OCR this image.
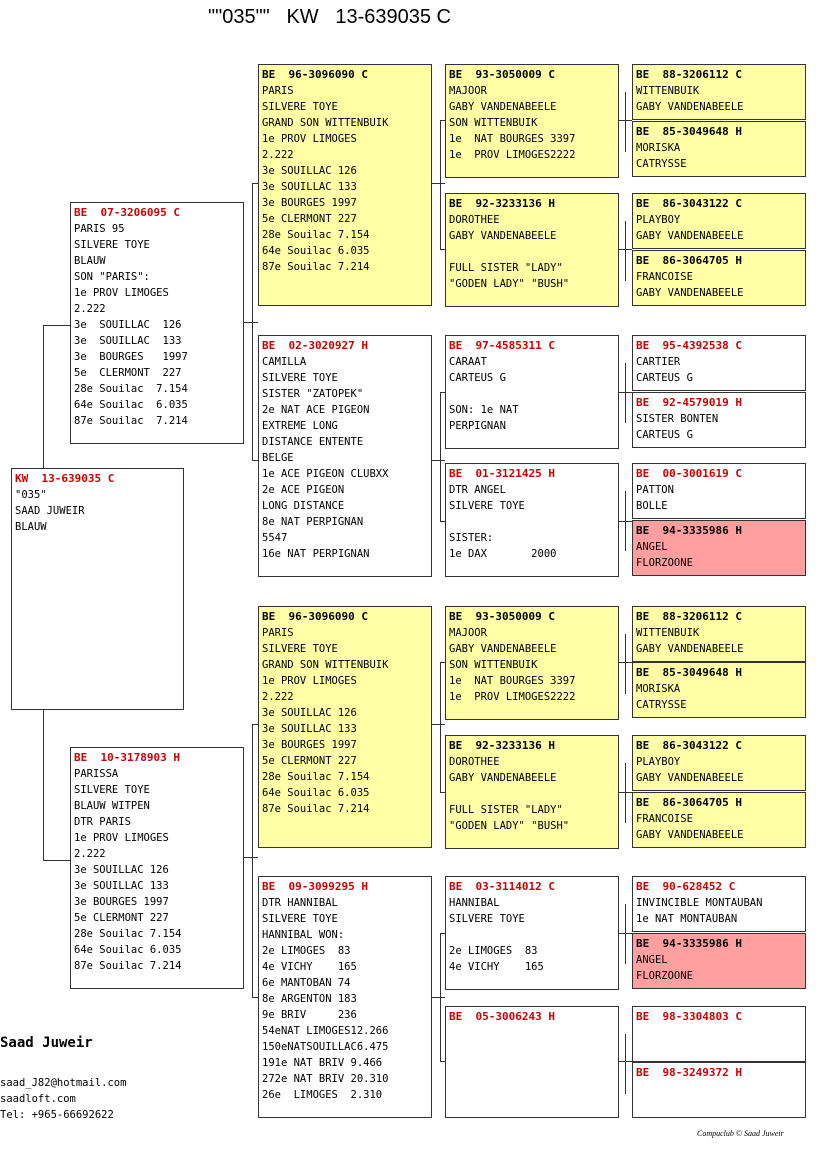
""035""   KW   13-639035 C
KW  13-639035 C
"035"
SAAD JUWEIR
BLAUW
BE  07-3206095 C
PARIS 95
SILVERE TOYE
BLAUW
SON "PARIS":
1e PROV LIMOGES
2.222
3e  SOUILLAC  126
3e  SOUILLAC  133
3e  BOURGES   1997
5e  CLERMONT  227
28e Souilac  7.154
64e Souilac  6.035
87e Souilac  7.214
BE  10-3178903 H
PARISSA
SILVERE TOYE
BLAUW WITPEN
DTR PARIS
1e PROV LIMOGES
2.222
3e SOUILLAC 126
3e SOUILLAC 133
3e BOURGES 1997
5e CLERMONT 227
28e Souilac 7.154
64e Souilac 6.035
87e Souilac 7.214
BE  96-3096090 C
PARIS
SILVERE TOYE
GRAND SON WITTENBUIK
1e PROV LIMOGES
2.222
3e SOUILLAC 126
3e SOUILLAC 133
3e BOURGES 1997
5e CLERMONT 227
28e Souilac 7.154
64e Souilac 6.035
87e Souilac 7.214
BE  02-3020927 H
CAMILLA
SILVERE TOYE
SISTER "ZATOPEK"
2e NAT ACE PIGEON
EXTREME LONG
DISTANCE ENTENTE
BELGE
1e ACE PIGEON CLUBXX
2e ACE PIGEON
LONG DISTANCE
8e NAT PERPIGNAN
5547
16e NAT PERPIGNAN
BE  96-3096090 C
PARIS
SILVERE TOYE
GRAND SON WITTENBUIK
1e PROV LIMOGES
2.222
3e SOUILLAC 126
3e SOUILLAC 133
3e BOURGES 1997
5e CLERMONT 227
28e Souilac 7.154
64e Souilac 6.035
87e Souilac 7.214
BE  09-3099295 H
DTR HANNIBAL
SILVERE TOYE
HANNIBAL WON:
2e LIMOGES  83
4e VICHY    165
6e MANTOBAN 74
8e ARGENTON 183
9e BRIV     236
54eNAT LIMOGES12.266
150eNATSOUILLAC6.475
191e NAT BRIV 9.466
272e NAT BRIV 20.310
26e  LIMOGES  2.310
BE  93-3050009 C
MAJOOR
GABY VANDENABEELE
SON WITTENBUIK
1e  NAT BOURGES 3397
1e  PROV LIMOGES2222
BE  92-3233136 H
DOROTHEE
GABY VANDENABEELE
FULL SISTER "LADY"
"GODEN LADY" "BUSH"
BE  97-4585311 C
CARAAT
CARTEUS G
SON: 1e NAT
PERPIGNAN
BE  01-3121425 H
DTR ANGEL
SILVERE TOYE
SISTER:
1e DAX       2000
BE  93-3050009 C
MAJOOR
GABY VANDENABEELE
SON WITTENBUIK
1e  NAT BOURGES 3397
1e  PROV LIMOGES2222
BE  92-3233136 H
DOROTHEE
GABY VANDENABEELE
FULL SISTER "LADY"
"GODEN LADY" "BUSH"
BE  03-3114012 C
HANNIBAL
SILVERE TOYE
2e LIMOGES  83
4e VICHY    165
BE  05-3006243 H
BE  88-3206112 C
WITTENBUIK
GABY VANDENABEELE
BE  85-3049648 H
MORISKA
CATRYSSE
BE  86-3043122 C
PLAYBOY
GABY VANDENABEELE
BE  86-3064705 H
FRANCOISE
GABY VANDENABEELE
BE  95-4392538 C
CARTIER
CARTEUS G
BE  92-4579019 H
SISTER BONTEN
CARTEUS G
BE  00-3001619 C
PATTON
BOLLE
BE  94-3335986 H
ANGEL
FLORZOONE
BE  88-3206112 C
WITTENBUIK
GABY VANDENABEELE
BE  85-3049648 H
MORISKA
CATRYSSE
BE  86-3043122 C
PLAYBOY
GABY VANDENABEELE
BE  86-3064705 H
FRANCOISE
GABY VANDENABEELE
BE  90-628452 C
INVINCIBLE MONTAUBAN
1e NAT MONTAUBAN
BE  94-3335986 H
ANGEL
FLORZOONE
BE  98-3304803 C
BE  98-3249372 H
Saad Juweir
saad_J82@hotmail.com
saadloft.com
Tel: +965-66692622
Compuclub © Saad Juweir
